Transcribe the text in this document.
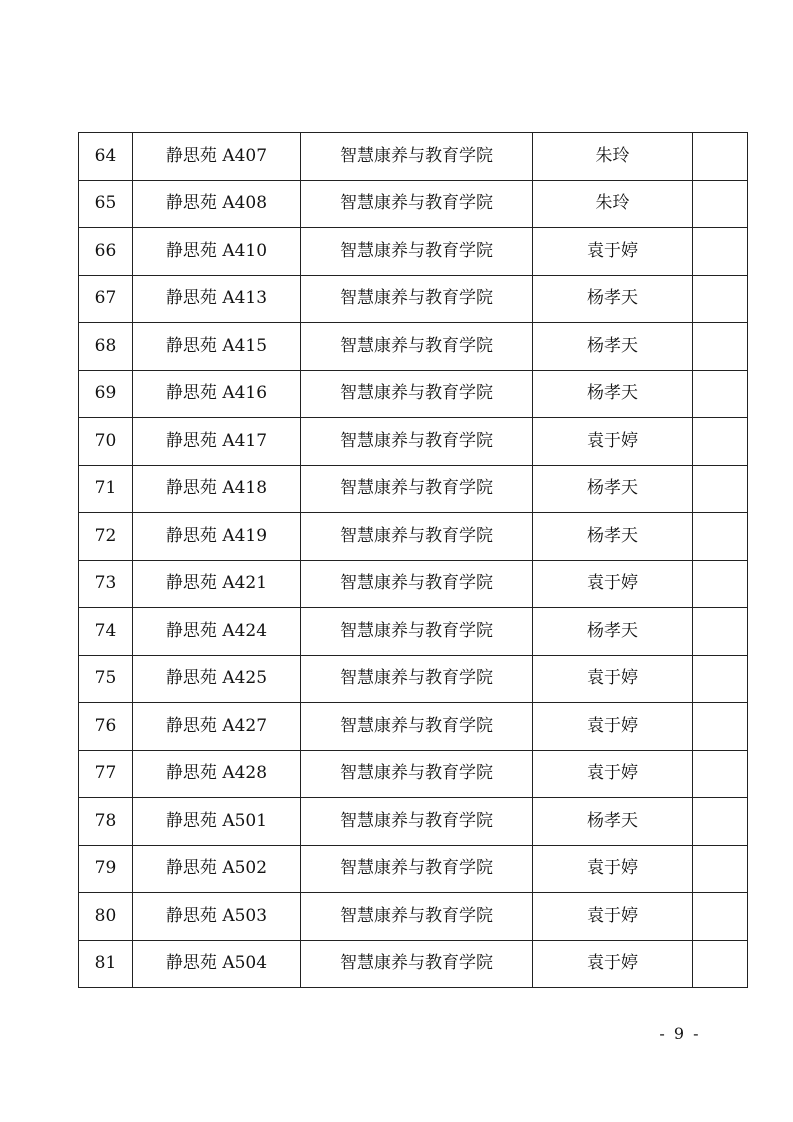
64	静思苑 A407	智慧康养与教育学院	朱玲	
65	静思苑 A408	智慧康养与教育学院	朱玲	
66	静思苑 A410	智慧康养与教育学院	袁于婷	
67	静思苑 A413	智慧康养与教育学院	杨孝天	
68	静思苑 A415	智慧康养与教育学院	杨孝天	
69	静思苑 A416	智慧康养与教育学院	杨孝天	
70	静思苑 A417	智慧康养与教育学院	袁于婷	
71	静思苑 A418	智慧康养与教育学院	杨孝天	
72	静思苑 A419	智慧康养与教育学院	杨孝天	
73	静思苑 A421	智慧康养与教育学院	袁于婷	
74	静思苑 A424	智慧康养与教育学院	杨孝天	
75	静思苑 A425	智慧康养与教育学院	袁于婷	
76	静思苑 A427	智慧康养与教育学院	袁于婷	
77	静思苑 A428	智慧康养与教育学院	袁于婷	
78	静思苑 A501	智慧康养与教育学院	杨孝天	
79	静思苑 A502	智慧康养与教育学院	袁于婷	
80	静思苑 A503	智慧康养与教育学院	袁于婷	
81	静思苑 A504	智慧康养与教育学院	袁于婷	
- 9 -
